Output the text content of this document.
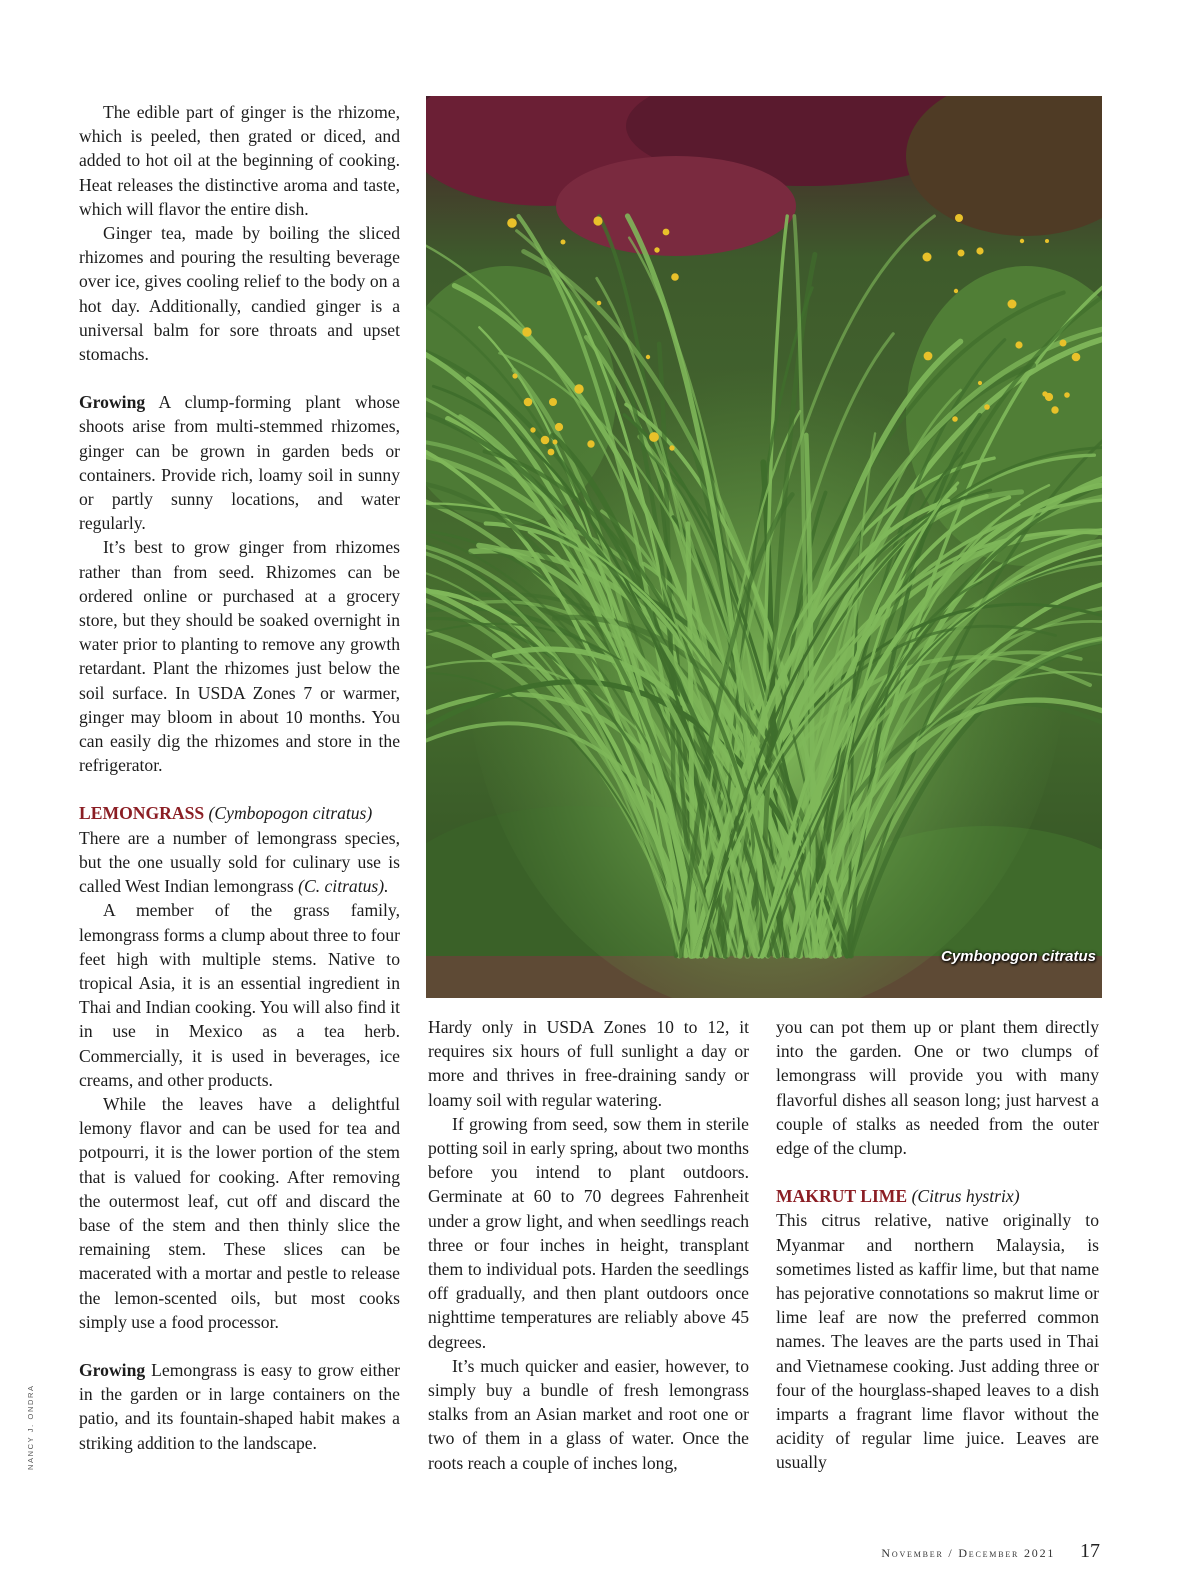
The edible part of ginger is the rhizome, which is peeled, then grated or diced, and added to hot oil at the beginning of cooking. Heat releases the distinctive aroma and taste, which will flavor the entire dish.

Ginger tea, made by boiling the sliced rhizomes and pouring the resulting beverage over ice, gives cooling relief to the body on a hot day. Additionally, candied ginger is a universal balm for sore throats and upset stomachs.

Growing A clump-forming plant whose shoots arise from multi-stemmed rhizomes, ginger can be grown in garden beds or containers. Provide rich, loamy soil in sunny or partly sunny locations, and water regularly.

It’s best to grow ginger from rhizomes rather than from seed. Rhizomes can be ordered online or purchased at a grocery store, but they should be soaked overnight in water prior to planting to remove any growth retardant. Plant the rhizomes just below the soil surface. In USDA Zones 7 or warmer, ginger may bloom in about 10 months. You can easily dig the rhizomes and store in the refrigerator.

LEMONGRASS (Cymbopogon citratus)
There are a number of lemongrass species, but the one usually sold for culinary use is called West Indian lemongrass (C. citratus).

A member of the grass family, lemongrass forms a clump about three to four feet high with multiple stems. Native to tropical Asia, it is an essential ingredient in Thai and Indian cooking. You will also find it in use in Mexico as a tea herb. Commercially, it is used in beverages, ice creams, and other products.

While the leaves have a delightful lemony flavor and can be used for tea and potpourri, it is the lower portion of the stem that is valued for cooking. After removing the outermost leaf, cut off and discard the base of the stem and then thinly slice the remaining stem. These slices can be macerated with a mortar and pestle to release the lemon-scented oils, but most cooks simply use a food processor.

Growing Lemongrass is easy to grow either in the garden or in large containers on the patio, and its fountain-shaped habit makes a striking addition to the landscape.

Cymbopogon citratus

Hardy only in USDA Zones 10 to 12, it requires six hours of full sunlight a day or more and thrives in free-draining sandy or loamy soil with regular watering.

If growing from seed, sow them in sterile potting soil in early spring, about two months before you intend to plant outdoors. Germinate at 60 to 70 degrees Fahrenheit under a grow light, and when seedlings reach three or four inches in height, transplant them to individual pots. Harden the seedlings off gradually, and then plant outdoors once nighttime temperatures are reliably above 45 degrees.

It’s much quicker and easier, however, to simply buy a bundle of fresh lemongrass stalks from an Asian market and root one or two of them in a glass of water. Once the roots reach a couple of inches long,

you can pot them up or plant them directly into the garden. One or two clumps of lemongrass will provide you with many flavorful dishes all season long; just harvest a couple of stalks as needed from the outer edge of the clump.

MAKRUT LIME (Citrus hystrix)
This citrus relative, native originally to Myanmar and northern Malaysia, is sometimes listed as kaffir lime, but that name has pejorative connotations so makrut lime or lime leaf are now the preferred common names. The leaves are the parts used in Thai and Vietnamese cooking. Just adding three or four of the hourglass-shaped leaves to a dish imparts a fragrant lime flavor without the acidity of regular lime juice. Leaves are usually

NANCY J. ONDRA
November / December 2021	17
